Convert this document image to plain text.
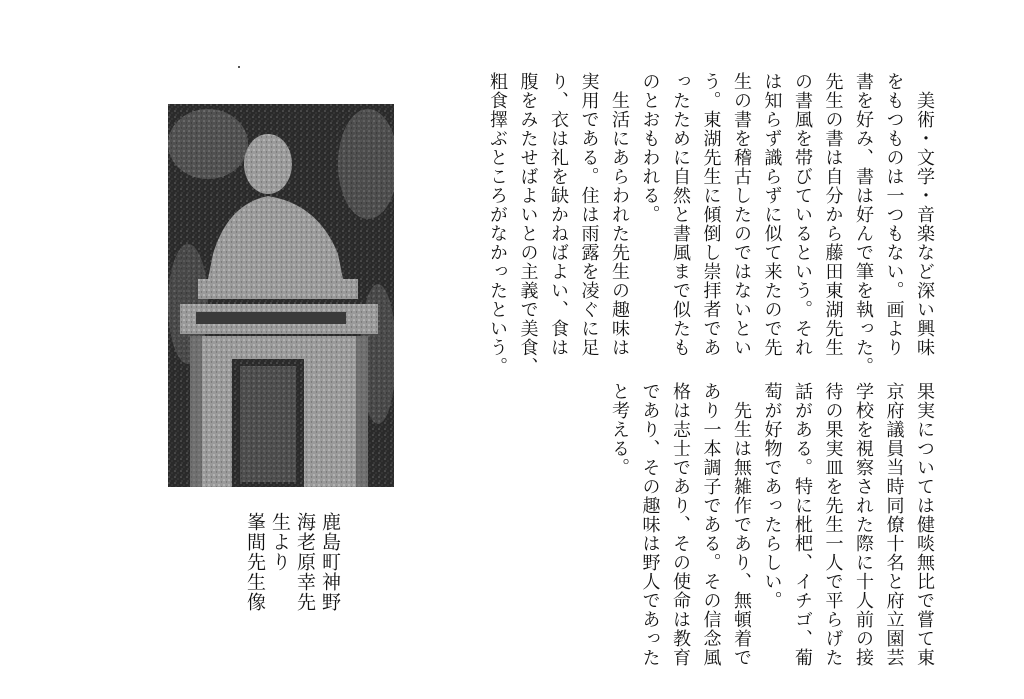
　美術・文学・音楽など深い興味
をもつものは一つもない。画より
書を好み、書は好んで筆を執った。
先生の書は自分から藤田東湖先生
の書風を帯びているという。それ
は知らず識らずに似て来たので先
生の書を稽古したのではないとい
う。東湖先生に傾倒し崇拝者であ
ったために自然と書風まで似たも
のとおもわれる。
　生活にあらわれた先生の趣味は
実用である。住は雨露を凌ぐに足
り、衣は礼を缺かねばよい、食は
腹をみたせばよいとの主義で美食、
粗食擇ぶところがなかったという。
果実については健啖無比で嘗て東
京府議員当時同僚十名と府立園芸
学校を視察された際に十人前の接
待の果実皿を先生一人で平らげた
話がある。特に枇杷、イチゴ、葡
萄が好物であったらしい。
　先生は無雑作であり、無頓着で
あり一本調子である。その信念風
格は志士であり、その使命は教育
であり、その趣味は野人であった
と考える。
鹿島町神野
海老原幸先
生より
峯間先生像
